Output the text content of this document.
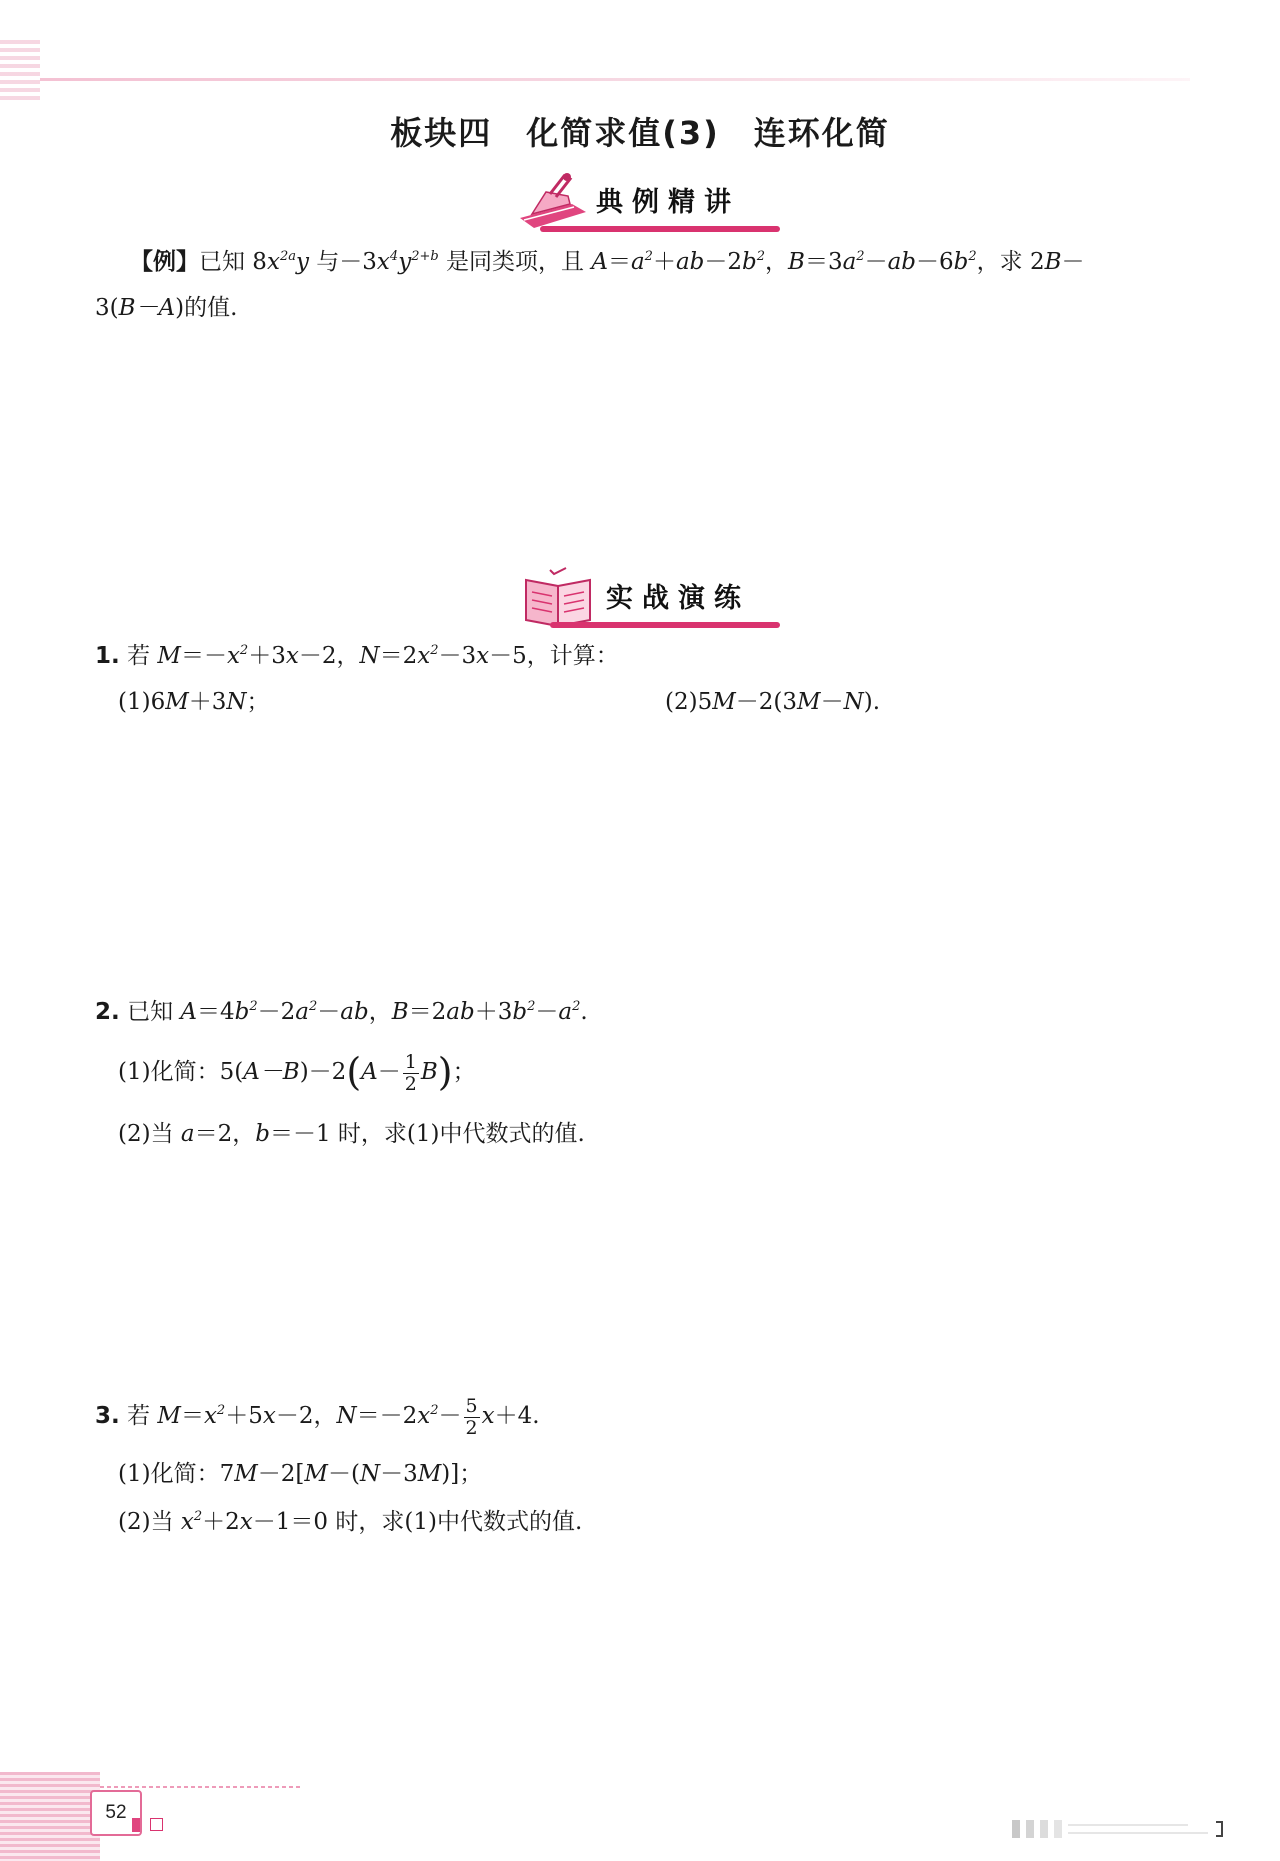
板块四　化简求值(3)　连环化简
典例精讲
【例】已知 $8x^{2a}y$ 与$-3x^4y^{2+b}$ 是同类项，且 $A=a^2+ab-2b^2$，$B=3a^2-ab-6b^2$，求 2B－
3(B－A)的值.
实战演练
1. 若 $M=-x^2+3x-2$，$N=2x^2-3x-5$，计算：
(1)6M＋3N；	(2)5M－2(3M－N).
2. 已知 $A=4b^2-2a^2-ab$，$B=2ab+3b^2-a^2$.
(1)化简：$5(A-B)-2(A- \frac{1}{2} B)$；
(2)当 a＝2，b＝－1 时，求(1)中代数式的值.
3. 若 $M=x^2+5x-2$，$N=-2x^2- \frac{5}{2} x+4$.
(1)化简：7M－2[M－(N－3M)]；
(2)当 $x^2+2x-1=0$ 时，求(1)中代数式的值.
52
